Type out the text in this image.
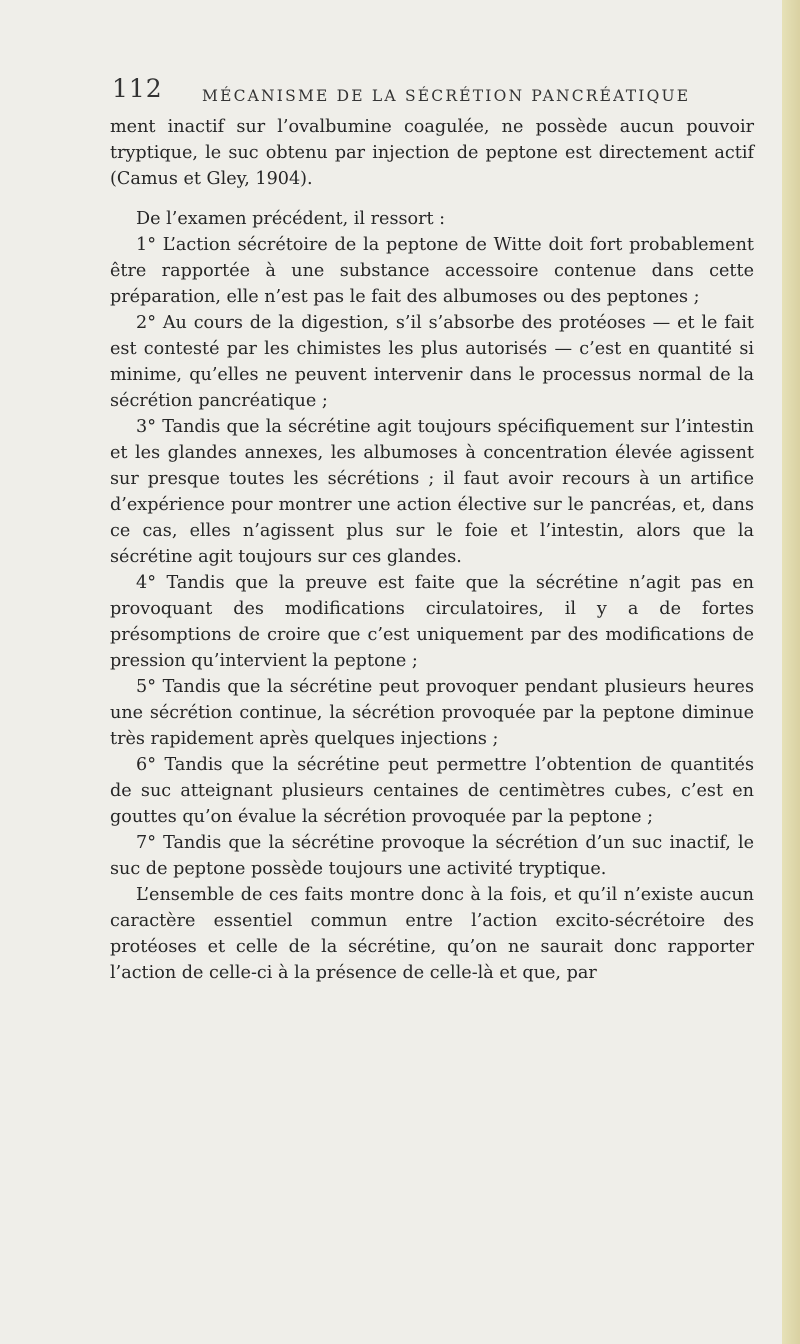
112	MÉCANISME DE LA SÉCRÉTION PANCRÉATIQUE

ment inactif sur l’ovalbumine coagulée, ne possède aucun pouvoir tryptique, le suc obtenu par injection de peptone est directement actif (Camus et Gley, 1904).

De l’examen précédent, il ressort :

1° L’action sécrétoire de la peptone de Witte doit fort probablement être rapportée à une substance accessoire contenue dans cette préparation, elle n’est pas le fait des albumoses ou des peptones ;

2° Au cours de la digestion, s’il s’absorbe des protéoses — et le fait est contesté par les chimistes les plus autorisés — c’est en quantité si minime, qu’elles ne peuvent intervenir dans le processus normal de la sécrétion pancréatique ;

3° Tandis que la sécrétine agit toujours spécifiquement sur l’intestin et les glandes annexes, les albumoses à concentration élevée agissent sur presque toutes les sécrétions ; il faut avoir recours à un artifice d’expérience pour montrer une action élective sur le pancréas, et, dans ce cas, elles n’agissent plus sur le foie et l’intestin, alors que la sécrétine agit toujours sur ces glandes.

4° Tandis que la preuve est faite que la sécrétine n’agit pas en provoquant des modifications circulatoires, il y a de fortes présomptions de croire que c’est uniquement par des modifications de pression qu’intervient la peptone ;

5° Tandis que la sécrétine peut provoquer pendant plusieurs heures une sécrétion continue, la sécrétion provoquée par la peptone diminue très rapidement après quelques injections ;

6° Tandis que la sécrétine peut permettre l’obtention de quantités de suc atteignant plusieurs centaines de centimètres cubes, c’est en gouttes qu’on évalue la sécrétion provoquée par la peptone ;

7° Tandis que la sécrétine provoque la sécrétion d’un suc inactif, le suc de peptone possède toujours une activité tryptique.

L’ensemble de ces faits montre donc à la fois, et qu’il n’existe aucun caractère essentiel commun entre l’action excito-sécrétoire des protéoses et celle de la sécrétine, qu’on ne saurait donc rapporter l’action de celle-ci à la présence de celle-là et que, par
